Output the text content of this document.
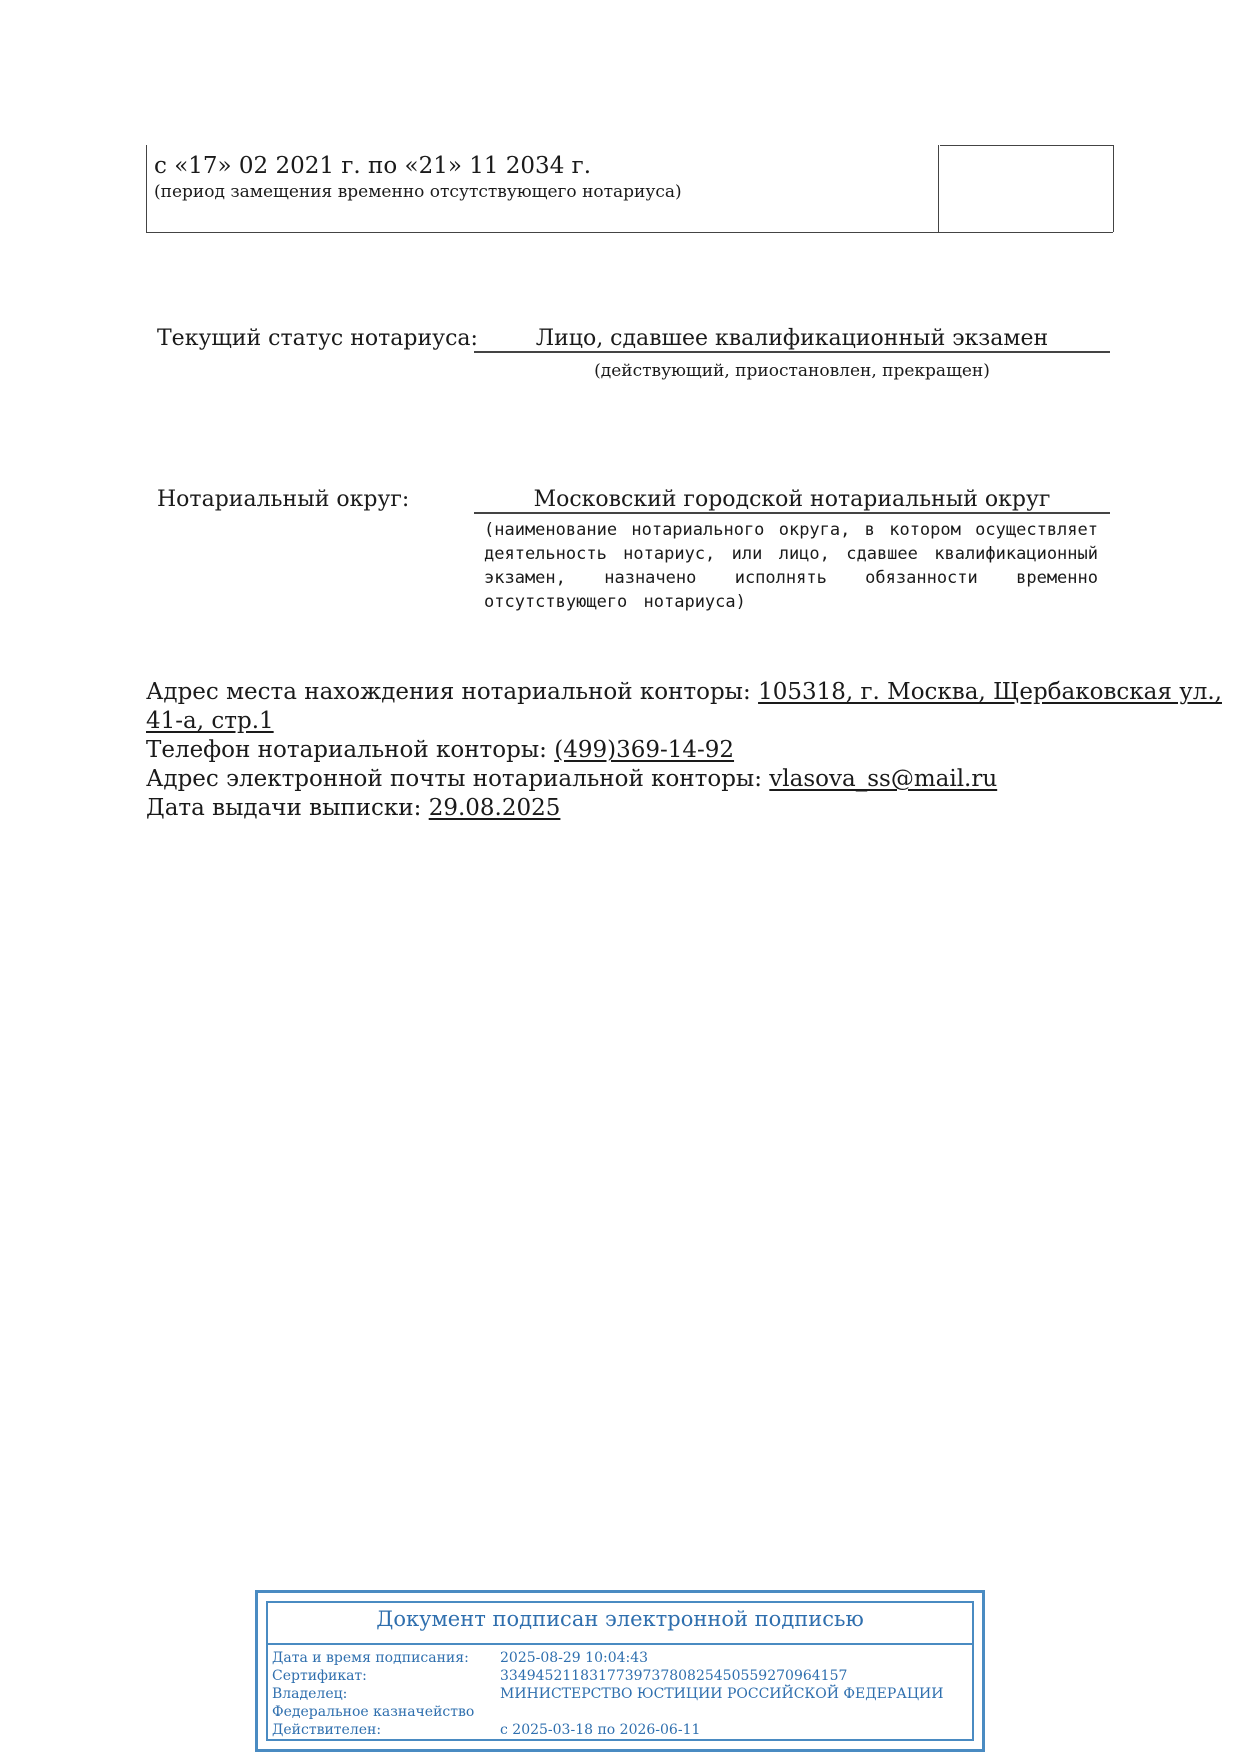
с «17» 02 2021 г. по «21» 11 2034 г.
(период замещения временно отсутствующего нотариуса)
Текущий статус нотариуса:	Лицо, сдавшее квалификационный экзамен
(действующий, приостановлен, прекращен)
Нотариальный округ:	Московский городской нотариальный округ
(наименование нотариального округа, в котором осуществляет
деятельность нотариус, или лицо, сдавшее квалификационный
экзамен, назначено исполнять обязанности временно
отсутствующего нотариуса)
Адрес места нахождения нотариальной конторы: 105318, г. Москва, Щербаковская ул.,
41-а, стр.1
Телефон нотариальной конторы: (499)369-14-92
Адрес электронной почты нотариальной конторы: vlasova_ss@mail.ru
Дата выдачи выписки: 29.08.2025
Документ подписан электронной подписью
Дата и время подписания:	2025-08-29 10:04:43
Сертификат:	334945211831773973780825450559270964157
Владелец:	МИНИСТЕРСТВО ЮСТИЦИИ РОССИЙСКОЙ ФЕДЕРАЦИИ
Федеральное казначейство
Действителен:	с 2025-03-18 по 2026-06-11
